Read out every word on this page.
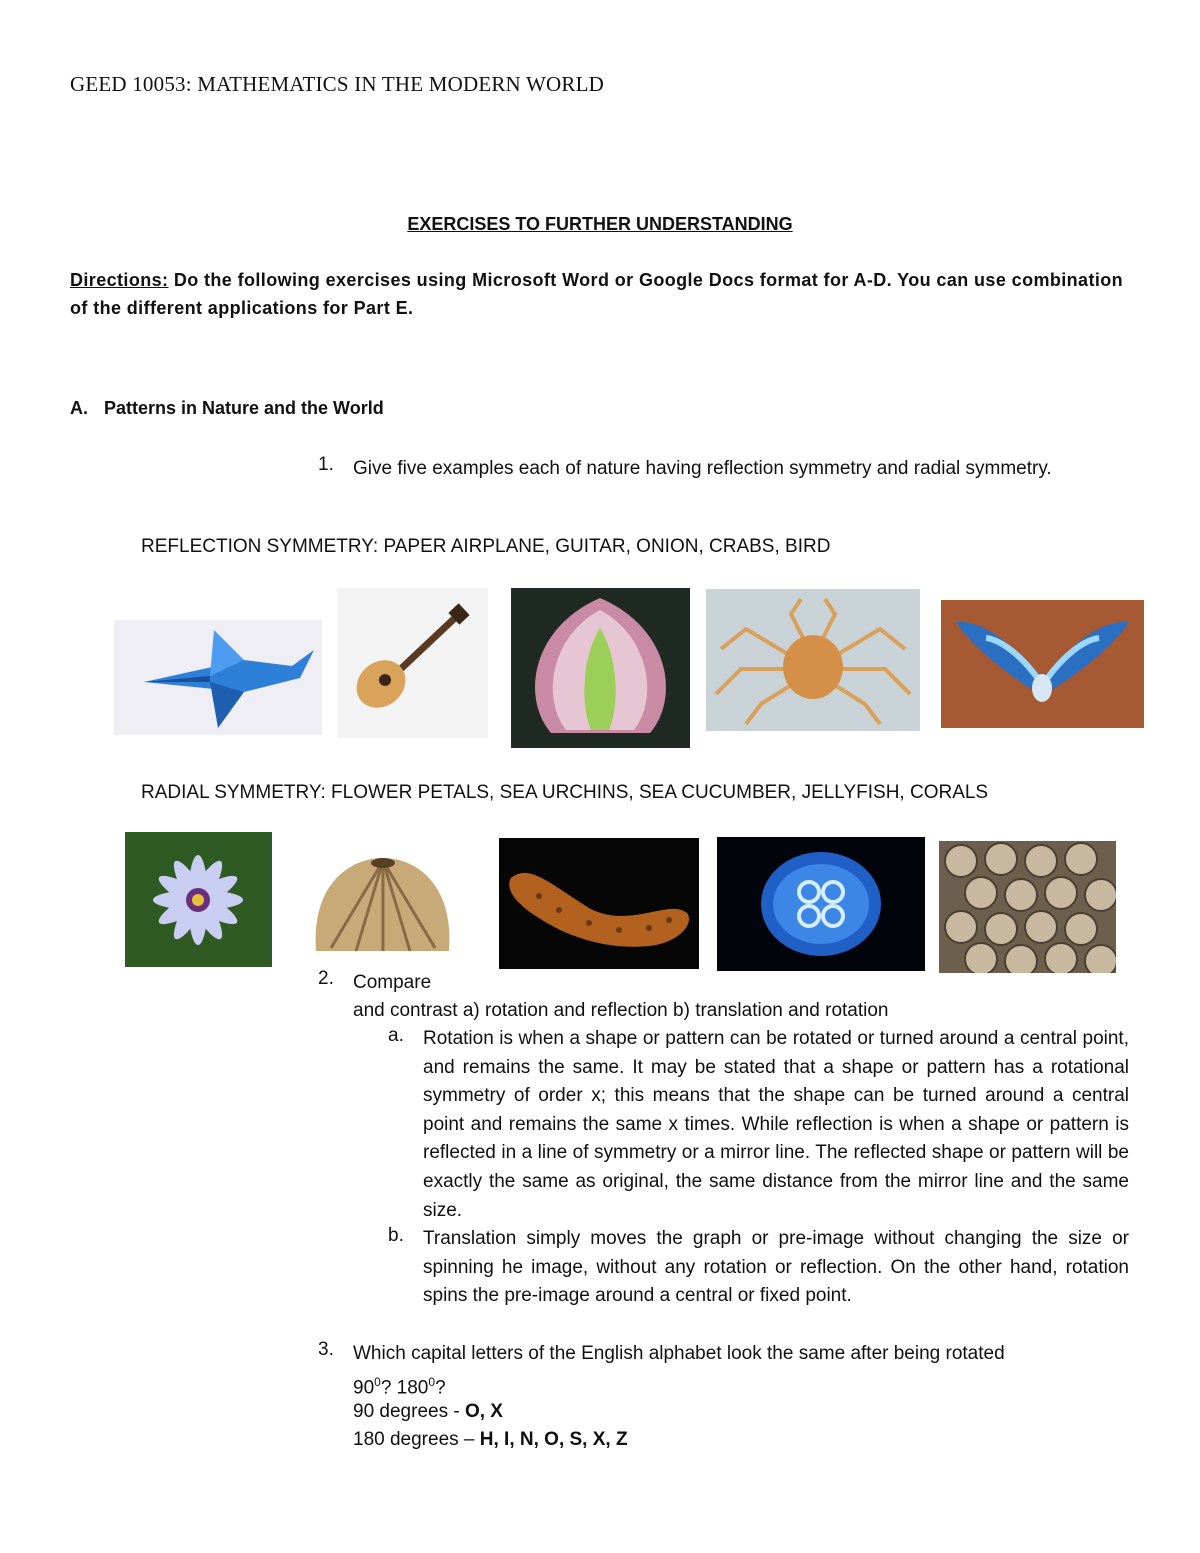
GEED 10053: MATHEMATICS IN THE MODERN WORLD
EXERCISES TO FURTHER UNDERSTANDING
Directions: Do the following exercises using Microsoft Word or Google Docs format for A-D. You can use combination of the different applications for Part E.
A. Patterns in Nature and the World
1. Give five examples each of nature having reflection symmetry and radial symmetry.
REFLECTION SYMMETRY: PAPER AIRPLANE, GUITAR, ONION, CRABS, BIRD
RADIAL SYMMETRY: FLOWER PETALS, SEA URCHINS, SEA CUCUMBER, JELLYFISH, CORALS
2. Compare
and contrast a) rotation and reflection b) translation and rotation
a. Rotation is when a shape or pattern can be rotated or turned around a central point, and remains the same. It may be stated that a shape or pattern has a rotational symmetry of order x; this means that the shape can be turned around a central point and remains the same x times. While reflection is when a shape or pattern is reflected in a line of symmetry or a mirror line. The reflected shape or pattern will be exactly the same as original, the same distance from the mirror line and the same size.
b. Translation simply moves the graph or pre-image without changing the size or spinning he image, without any rotation or reflection. On the other hand, rotation spins the pre-image around a central or fixed point.
3. Which capital letters of the English alphabet look the same after being rotated
$90^0$? $180^0$?
90 degrees - O, X
180 degrees – H, I, N, O, S, X, Z
